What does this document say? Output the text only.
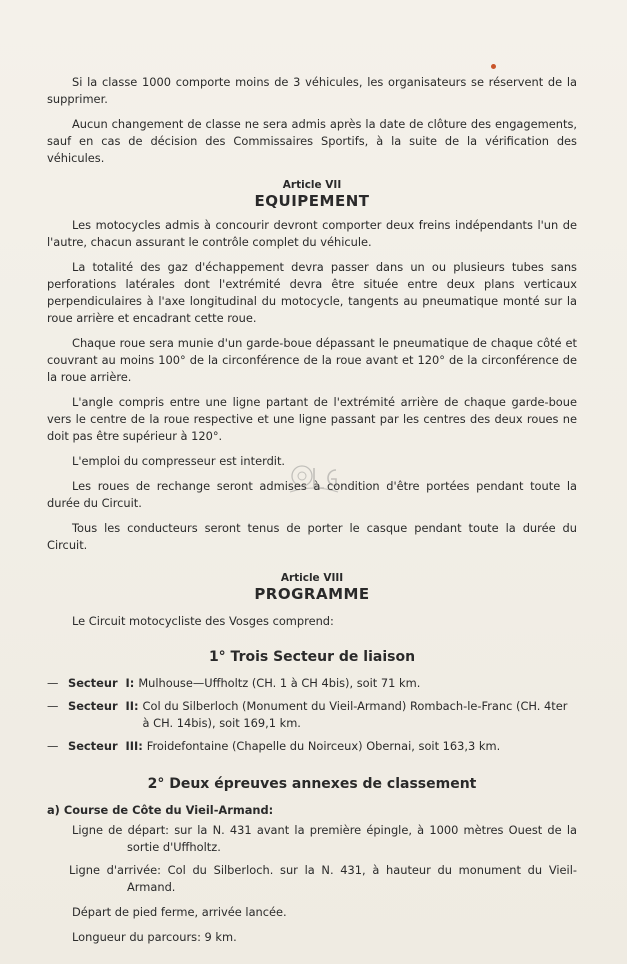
Si la classe 1000 comporte moins de 3 véhicules, les organisateurs se réservent de la supprimer.

Aucun changement de classe ne sera admis après la date de clôture des engagements, sauf en cas de décision des Commissaires Sportifs, à la suite de la vérification des véhicules.

Article VII
EQUIPEMENT

Les motocycles admis à concourir devront comporter deux freins indépendants l'un de l'autre, chacun assurant le contrôle complet du véhicule.

La totalité des gaz d'échappement devra passer dans un ou plusieurs tubes sans perforations latérales dont l'extrémité devra être située entre deux plans verticaux perpendiculaires à l'axe longitudinal du motocycle, tangents au pneumatique monté sur la roue arrière et encadrant cette roue.

Chaque roue sera munie d'un garde-boue dépassant le pneumatique de chaque côté et couvrant au moins 100° de la circonférence de la roue avant et 120° de la circonférence de la roue arrière.

L'angle compris entre une ligne partant de l'extrémité arrière de chaque garde-boue vers le centre de la roue respective et une ligne passant par les centres des deux roues ne doit pas être supérieur à 120°.

L'emploi du compresseur est interdit.

Les roues de rechange seront admises à condition d'être portées pendant toute la durée du Circuit.

Tous les conducteurs seront tenus de porter le casque pendant toute la durée du Circuit.

Article VIII
PROGRAMME

Le Circuit motocycliste des Vosges comprend:

1° Trois Secteur de liaison
— Secteur  I: Mulhouse—Uffholtz (CH. 1 à CH 4bis), soit 71 km.
— Secteur  II: Col du Silberloch (Monument du Vieil-Armand) Rombach-le-Franc (CH. 4ter à CH. 14bis), soit 169,1 km.
— Secteur  III: Froidefontaine (Chapelle du Noirceux) Obernai, soit 163,3 km.
2° Deux épreuves annexes de classement
a) Course de Côte du Vieil-Armand:

Ligne de départ: sur la N. 431 avant la première épingle, à 1000 mètres Ouest de la sortie d'Uffholtz.

Ligne d'arrivée: Col du Silberloch. sur la N. 431, à hauteur du monument du Vieil-Armand.

Départ de pied ferme, arrivée lancée.

Longueur du parcours: 9 km.
